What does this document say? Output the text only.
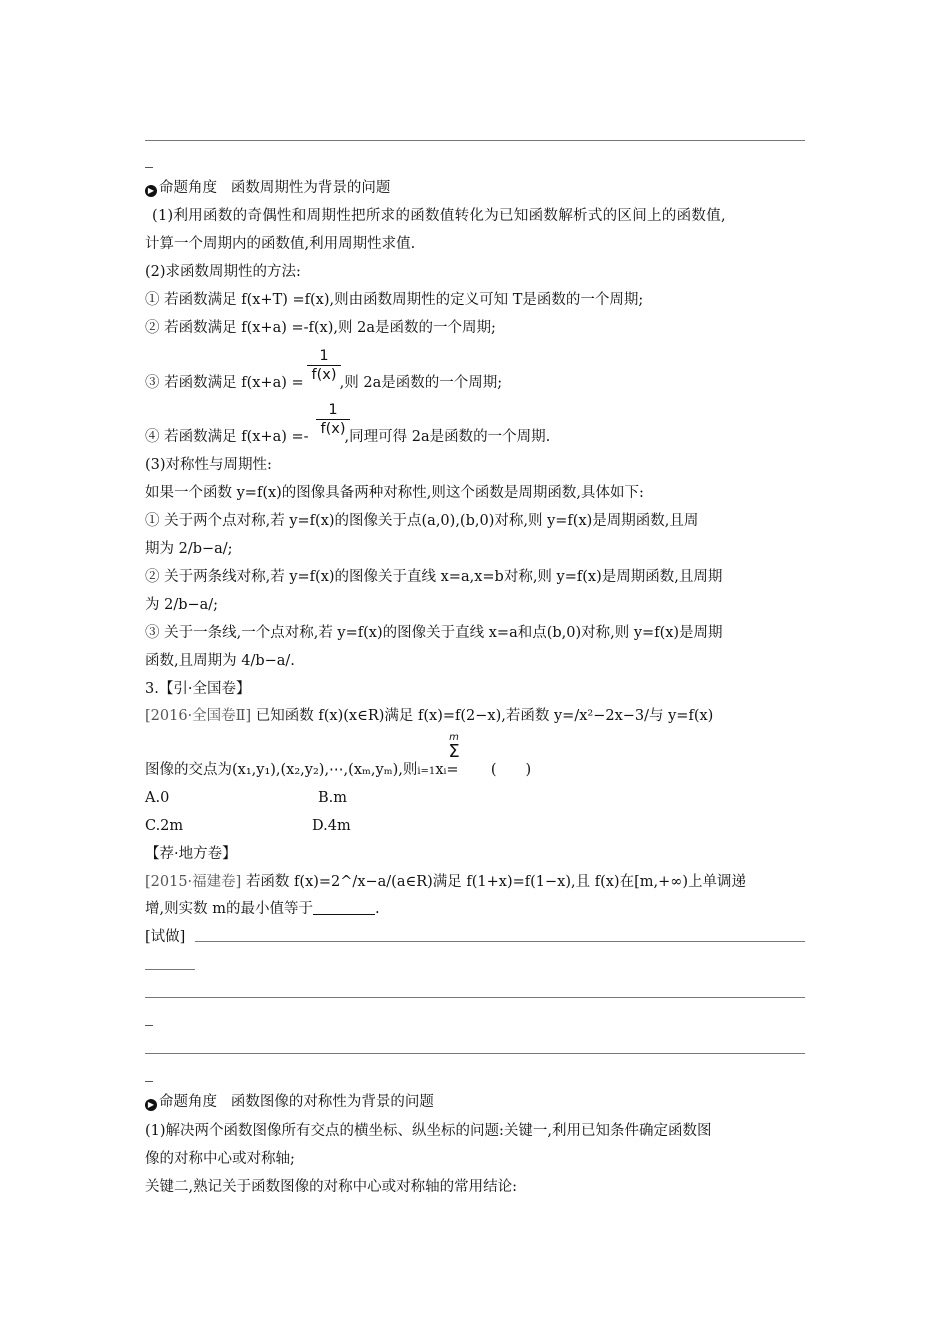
▶ 命题角度 函数周期性为背景的问题
(1)利用函数的奇偶性和周期性把所求的函数值转化为已知函数解析式的区间上的函数值,
计算一个周期内的函数值,利用周期性求值.
(2)求函数周期性的方法:
① 若函数满足 f(x+T) =f(x),则由函数周期性的定义可知 T是函数的一个周期;
② 若函数满足 f(x+a) =-f(x),则 2a是函数的一个周期;
1
f(x)
③ 若函数满足 f(x+a) = ,则 2a是函数的一个周期;
1
f(x)
④ 若函数满足 f(x+a) =- ,同理可得 2a是函数的一个周期.
(3)对称性与周期性:
如果一个函数 y=f(x)的图像具备两种对称性,则这个函数是周期函数,具体如下:
① 关于两个点对称,若 y=f(x)的图像关于点(a,0),(b,0)对称,则 y=f(x)是周期函数,且周
期为 2/b−a/;
② 关于两条线对称,若 y=f(x)的图像关于直线 x=a,x=b对称,则 y=f(x)是周期函数,且周期
为 2/b−a/;
③ 关于一条线,一个点对称,若 y=f(x)的图像关于直线 x=a和点(b,0)对称,则 y=f(x)是周期
函数,且周期为 4/b−a/.
3.【引·全国卷】
[2016·全国卷Ⅱ] 已知函数 f(x)(x∈R)满足 f(x)=f(2−x),若函数 y=/x²−2x−3/与 y=f(x)
m
Σ
图像的交点为(x₁,y₁),(x₂,y₂),⋯,(xₘ,yₘ),则i=1xᵢ= (　　)
A.0	B.m
C.2m	D.4m
【荐·地方卷】
[2015·福建卷] 若函数 f(x)=2^/x−a/(a∈R)满足 f(1+x)=f(1−x),且 f(x)在[m,+∞)上单调递
增,则实数 m的最小值等于	.
[试做]
▶ 命题角度 函数图像的对称性为背景的问题
(1)解决两个函数图像所有交点的横坐标、纵坐标的问题:关键一,利用已知条件确定函数图
像的对称中心或对称轴;
关键二,熟记关于函数图像的对称中心或对称轴的常用结论:
